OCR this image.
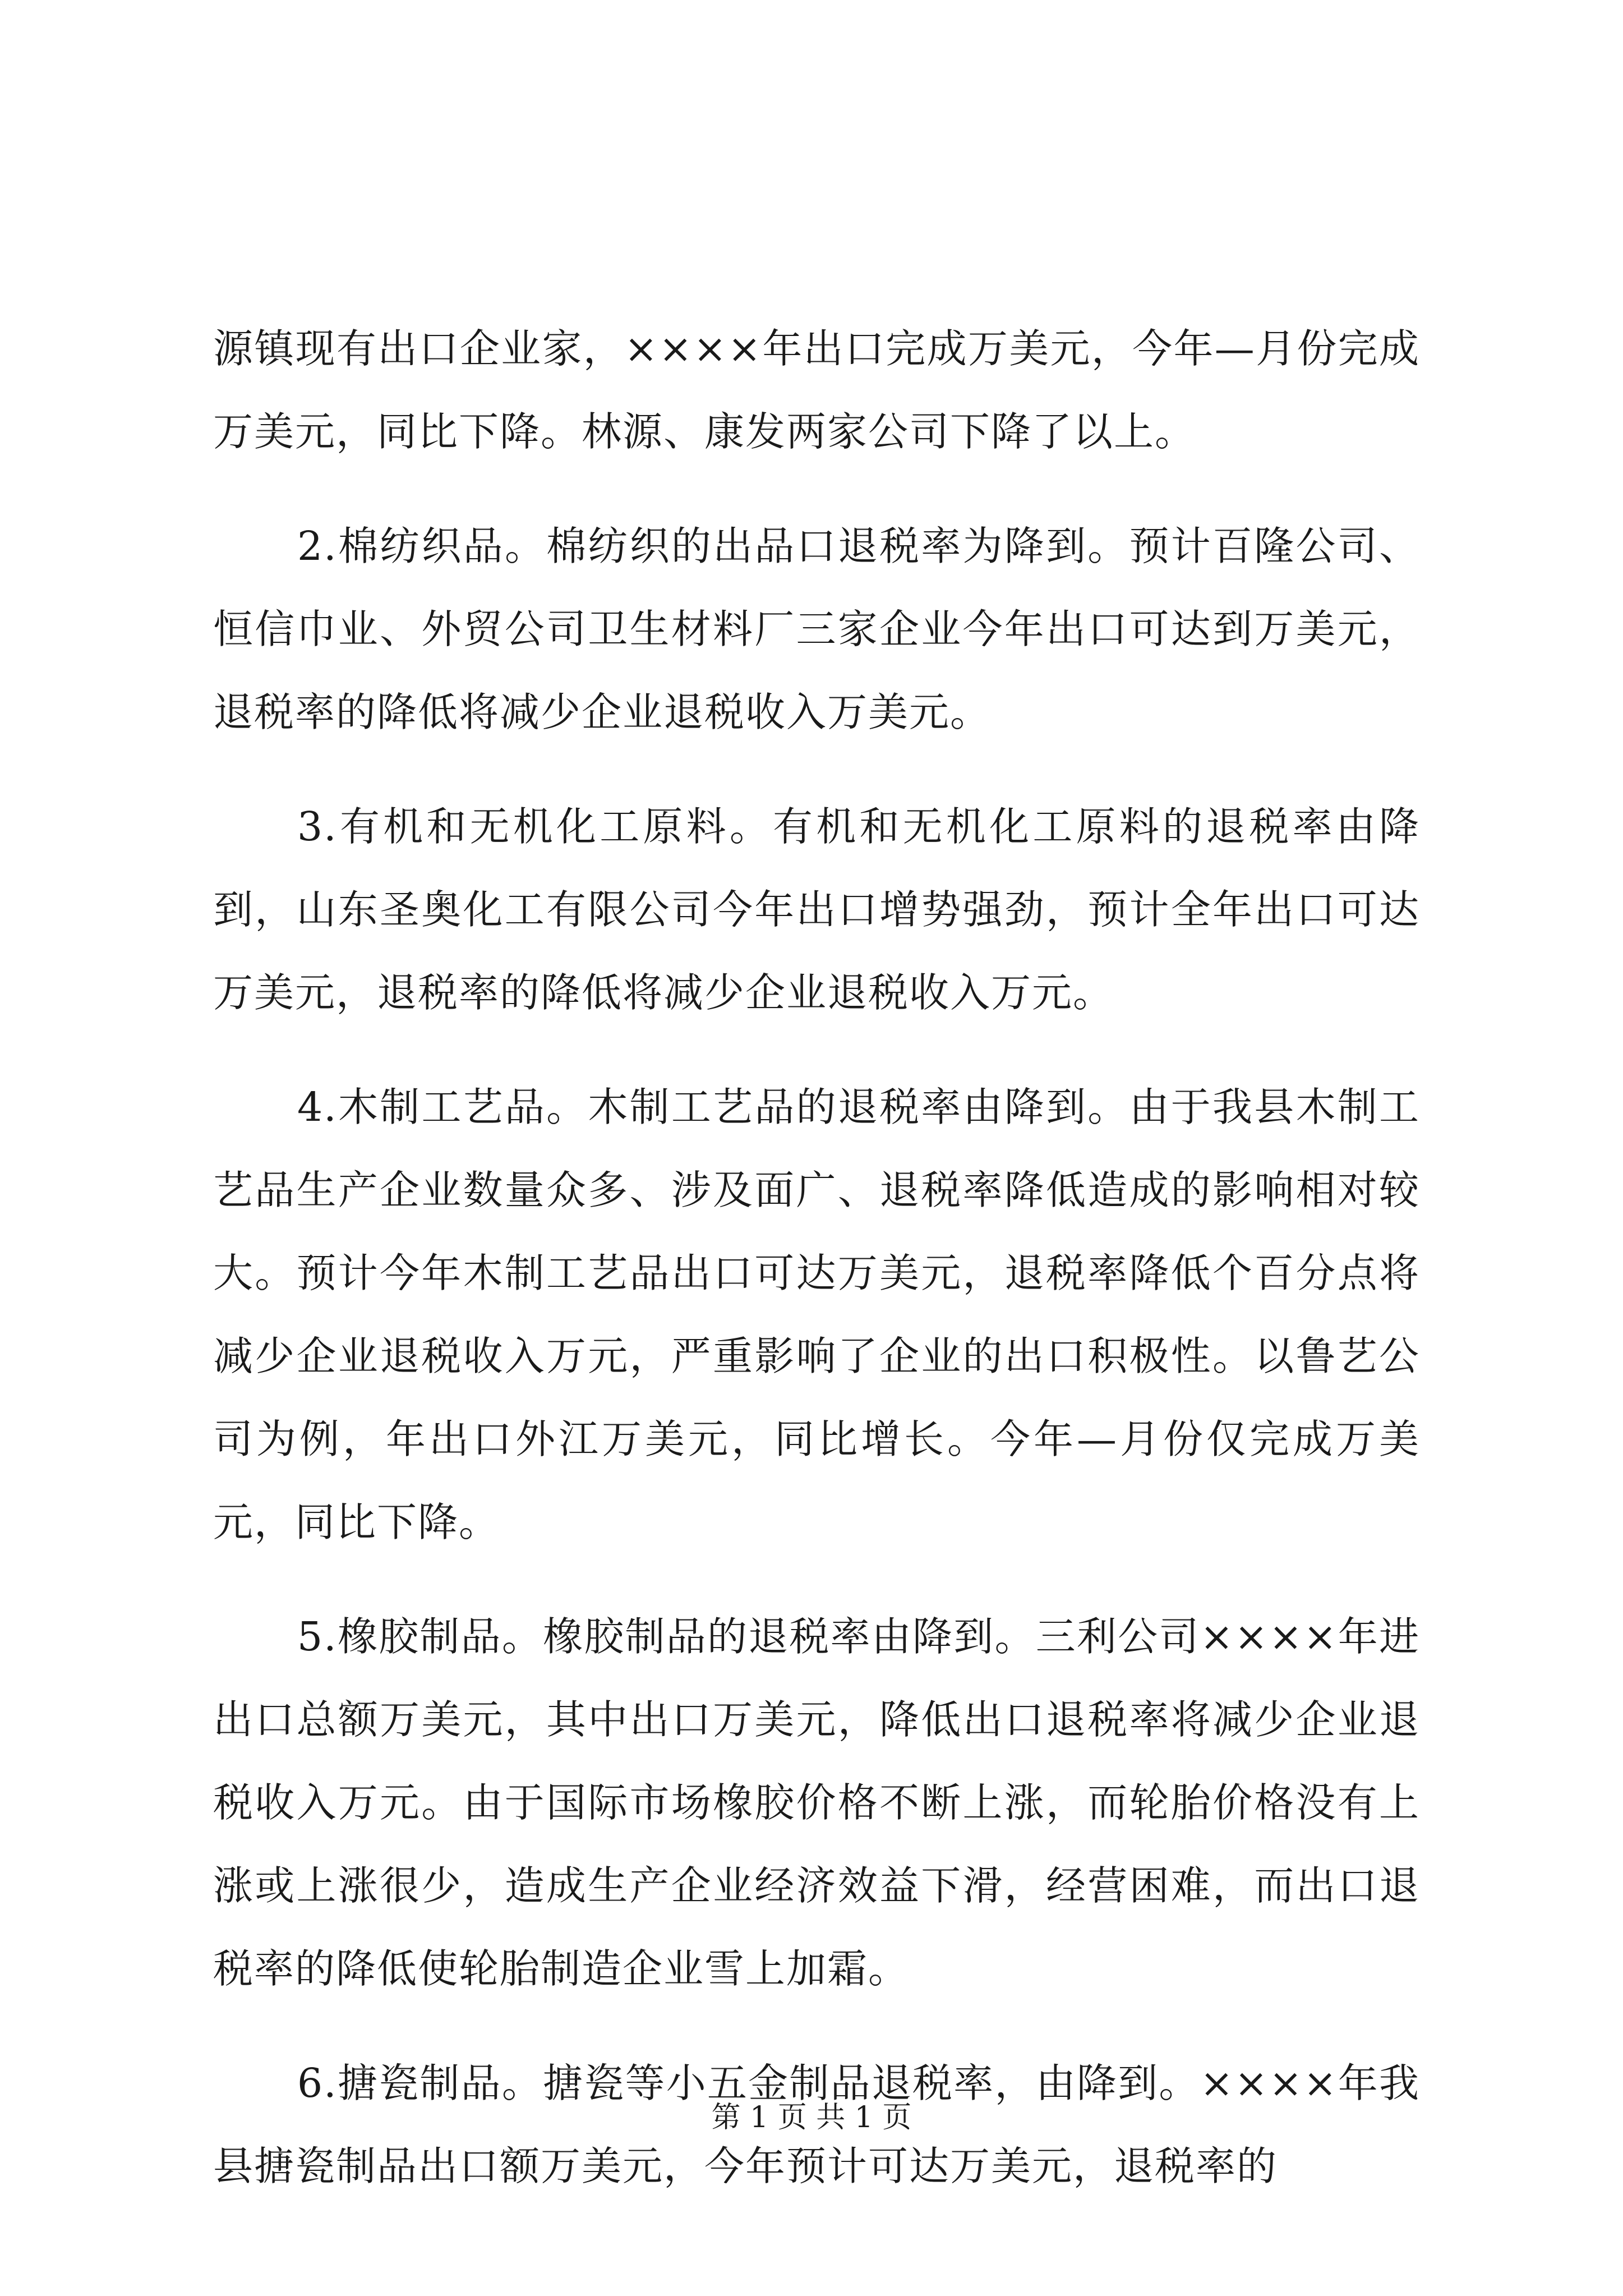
源镇现有出口企业家，××××年出口完成万美元，今年—月份完成万美元，同比下降。林源、康发两家公司下降了以上。

2.棉纺织品。棉纺织的出品口退税率为降到。预计百隆公司、恒信巾业、外贸公司卫生材料厂三家企业今年出口可达到万美元，退税率的降低将减少企业退税收入万美元。

3.有机和无机化工原料。有机和无机化工原料的退税率由降到，山东圣奥化工有限公司今年出口增势强劲，预计全年出口可达万美元，退税率的降低将减少企业退税收入万元。

4.木制工艺品。木制工艺品的退税率由降到。由于我县木制工艺品生产企业数量众多、涉及面广、退税率降低造成的影响相对较大。预计今年木制工艺品出口可达万美元，退税率降低个百分点将减少企业退税收入万元，严重影响了企业的出口积极性。以鲁艺公司为例，年出口外江万美元，同比增长。今年—月份仅完成万美元，同比下降。

5.橡胶制品。橡胶制品的退税率由降到。三利公司××××年进出口总额万美元，其中出口万美元，降低出口退税率将减少企业退税收入万元。由于国际市场橡胶价格不断上涨，而轮胎价格没有上涨或上涨很少，造成生产企业经济效益下滑，经营困难，而出口退税率的降低使轮胎制造企业雪上加霜。

6.搪瓷制品。搪瓷等小五金制品退税率，由降到。××××年我县搪瓷制品出口额万美元，今年预计可达万美元，退税率的

第 1 页 共 1 页
